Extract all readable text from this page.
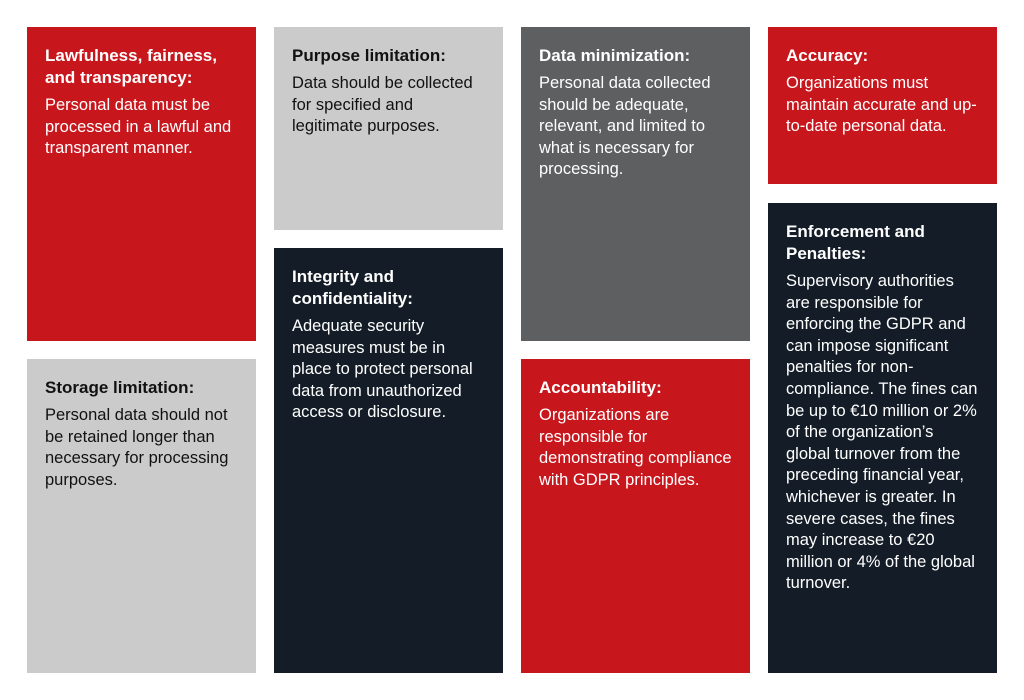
Lawfulness, fairness, and transparency:

Personal data must be processed in a lawful and transparent manner.

Purpose limitation:

Data should be collected for specified and legitimate purposes.

Data minimization:

Personal data collected should be adequate, relevant, and limited to what is necessary for processing.

Accuracy:

Organizations must maintain accurate and up-to-date personal data.

Integrity and confidentiality:

Adequate security measures must be in place to protect personal data from unauthorized access or disclosure.

Enforcement and Penalties:

Supervisory authorities are responsible for enforcing the GDPR and can impose significant penalties for non-compliance. The fines can be up to €10 million or 2% of the organization’s global turnover from the preceding financial year, whichever is greater. In severe cases, the fines may increase to €20 million or 4% of the global turnover.

Storage limitation:

Personal data should not be retained longer than necessary for processing purposes.

Accountability:

Organizations are responsible for demonstrating compliance with GDPR principles.
